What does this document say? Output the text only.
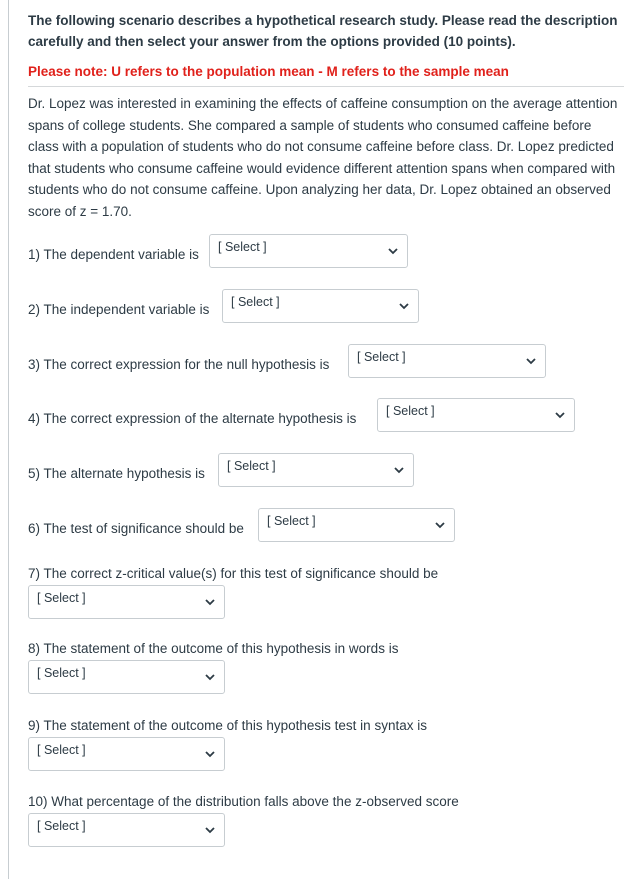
The following scenario describes a hypothetical research study. Please read the description carefully and then select your answer from the options provided (10 points).
Please note: U refers to the population mean - M refers to the sample mean
Dr. Lopez was interested in examining the effects of caffeine consumption on the average attention spans of college students. She compared a sample of students who consumed caffeine before class with a population of students who do not consume caffeine before class. Dr. Lopez predicted that students who consume caffeine would evidence different attention spans when compared with students who do not consume caffeine. Upon analyzing her data, Dr. Lopez obtained an observed score of z = 1.70.
1) The dependent variable is [ Select ]
2) The independent variable is [ Select ]
3) The correct expression for the null hypothesis is [ Select ]
4) The correct expression of the alternate hypothesis is [ Select ]
5) The alternate hypothesis is [ Select ]
6) The test of significance should be [ Select ]
7) The correct z-critical value(s) for this test of significance should be
[ Select ]
8) The statement of the outcome of this hypothesis in words is
[ Select ]
9) The statement of the outcome of this hypothesis test in syntax is
[ Select ]
10) What percentage of the distribution falls above the z-observed score
[ Select ]
